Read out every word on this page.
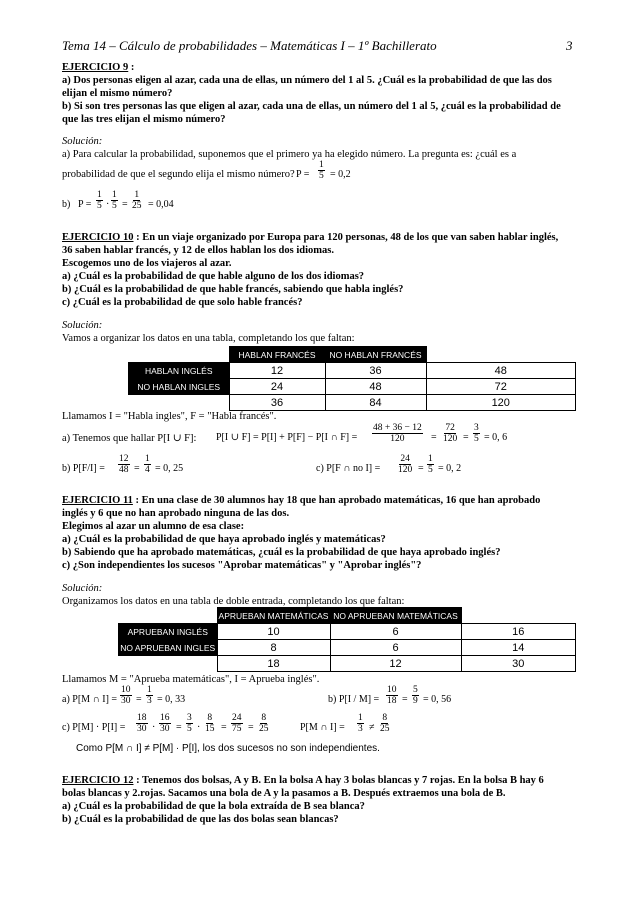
Tema 14 – Cálculo de probabilidades – Matemáticas I – 1º Bachillerato	3
EJERCICIO 9 :
a) Dos personas eligen al azar, cada una de ellas, un número del 1 al 5. ¿Cuál es la probabilidad de que las dos
elijan el mismo número?
b) Si son tres personas las que eligen al azar, cada una de ellas, un número del 1 al 5, ¿cuál es la probabilidad de
que las tres elijan el mismo número?
Solución:
a) Para calcular la probabilidad, suponemos que el primero ya ha elegido número. La pregunta es: ¿cuál es a
probabilidad de que el segundo elija el mismo número? $P = \frac{1}{5} = 0,2$
b) $P = \frac{1}{5} \cdot \frac{1}{5} = \frac{1}{25} = 0,04$
EJERCICIO 10 : En un viaje organizado por Europa para 120 personas, 48 de los que van saben hablar inglés,
36 saben hablar francés, y 12 de ellos hablan los dos idiomas.
Escogemos uno de los viajeros al azar.
a) ¿Cuál es la probabilidad de que hable alguno de los dos idiomas?
b) ¿Cuál es la probabilidad de que hable francés, sabiendo que habla inglés?
c) ¿Cuál es la probabilidad de que solo hable francés?
Solución:
Vamos a organizar los datos en una tabla, completando los que faltan:
	HABLAN FRANCÉS	NO HABLAN FRANCÉS	
HABLAN INGLÉS	12	36	48
NO HABLAN INGLES	24	48	72
	36	84	120
Llamamos I = "Habla ingles", F = "Habla francés".
a) Tenemos que hallar P[I ∪ F]: P[I ∪ F] = P[I] + P[F] − P[I ∩ $F] = \frac{48 + 36 - 12}{120} = \frac{72}{120} = \frac{3}{5} = 0$, 6
b) $P[F/I] = \frac{12}{48} = \frac{1}{4} = 0$, 25	c) P[F ∩ no $I] = \frac{24}{120} = \frac{1}{5} = 0$, 2
EJERCICIO 11 : En una clase de 30 alumnos hay 18 que han aprobado matemáticas, 16 que han aprobado
inglés y 6 que no han aprobado ninguna de las dos.
Elegimos al azar un alumno de esa clase:
a) ¿Cuál es la probabilidad de que haya aprobado inglés y matemáticas?
b) Sabiendo que ha aprobado matemáticas, ¿cuál es la probabilidad de que haya aprobado inglés?
c) ¿Son independientes los sucesos "Aprobar matemáticas" y "Aprobar inglés"?
Solución:
Organizamos los datos en una tabla de doble entrada, completando los que faltan:
	APRUEBAN MATEMÁTICAS	NO APRUEBAN MATEMÁTICAS	
APRUEBAN INGLÉS	10	6	16
NO APRUEBAN INGLES	8	6	14
	18	12	30
Llamamos M = "Aprueba matemáticas", I = Aprueba inglés".
a) P[M ∩ $I] = \frac{10}{30} = \frac{1}{3} = 0$, 33	b) $P[I / M] = \frac{10}{18} = \frac{5}{9} = 0$, 56
c) $P[M] \cdot P[I] = \frac{18}{30} \cdot \frac{16}{30} = \frac{3}{5} \cdot \frac{8}{15} = \frac{24}{75} = \frac{8}{25}$	P[M ∩ $I] = \frac{1}{3} \ne \frac{8}{25}$
Como P[M ∩ I] ≠ P[M] · P[I], los dos sucesos no son independientes.
EJERCICIO 12 : Tenemos dos bolsas, A y B. En la bolsa A hay 3 bolas blancas y 7 rojas. En la bolsa B hay 6
bolas blancas y 2.rojas. Sacamos una bola de A y la pasamos a B. Después extraemos una bola de B.
a) ¿Cuál es la probabilidad de que la bola extraída de B sea blanca?
b) ¿Cuál es la probabilidad de que las dos bolas sean blancas?
